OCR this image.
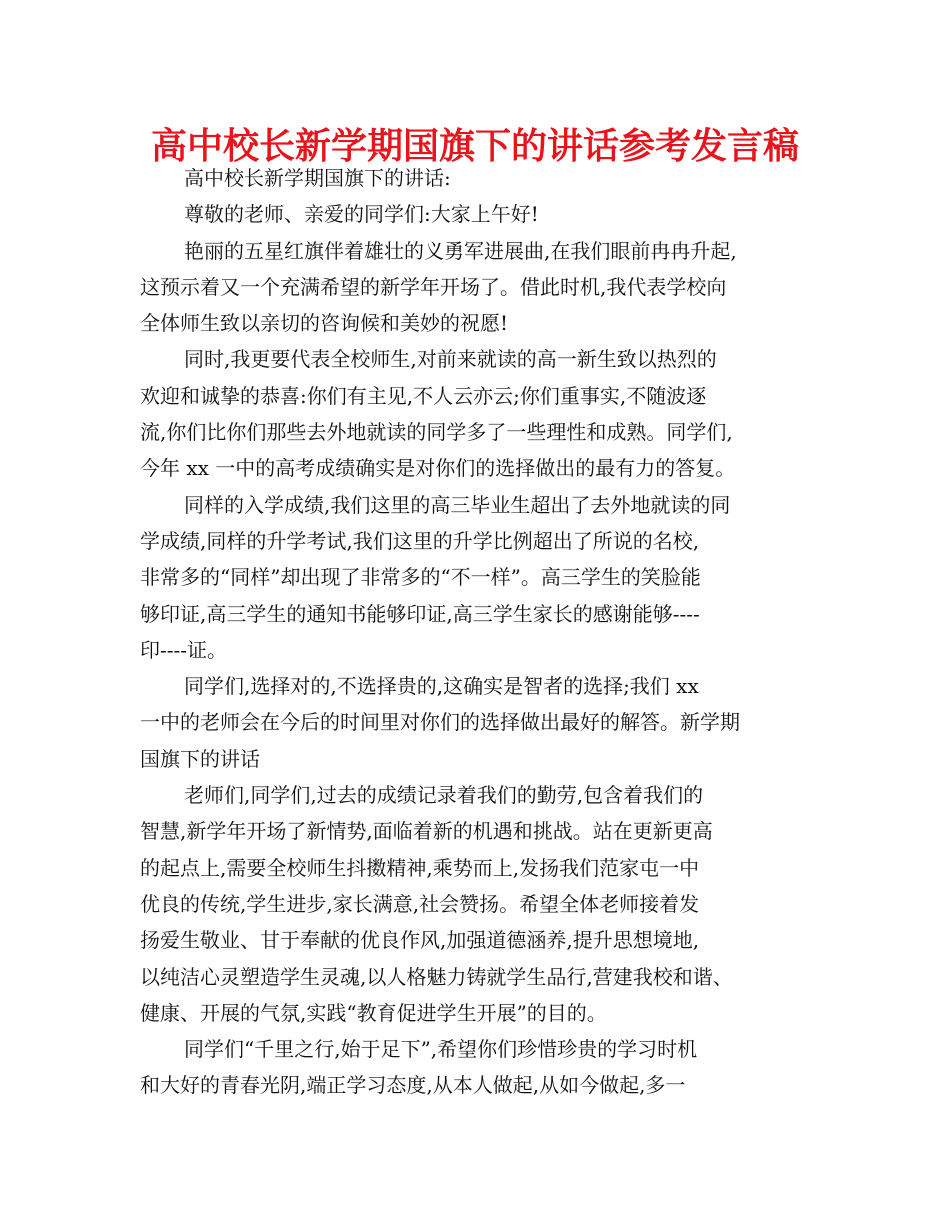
高中校长新学期国旗下的讲话参考发言稿
高中校长新学期国旗下的讲话:
尊敬的老师、亲爱的同学们:大家上午好!
艳丽的五星红旗伴着雄壮的义勇军进展曲,在我们眼前冉冉升起,
这预示着又一个充满希望的新学年开场了。借此时机,我代表学校向
全体师生致以亲切的咨询候和美妙的祝愿!
同时,我更要代表全校师生,对前来就读的高一新生致以热烈的
欢迎和诚挚的恭喜:你们有主见,不人云亦云;你们重事实,不随波逐
流,你们比你们那些去外地就读的同学多了一些理性和成熟。同学们,
今年 xx 一中的高考成绩确实是对你们的选择做出的最有力的答复。
同样的入学成绩,我们这里的高三毕业生超出了去外地就读的同
学成绩,同样的升学考试,我们这里的升学比例超出了所说的名校,
非常多的“同样”却出现了非常多的“不一样”。高三学生的笑脸能
够印证,高三学生的通知书能够印证,高三学生家长的感谢能够----
印----证。
同学们,选择对的,不选择贵的,这确实是智者的选择;我们 xx
一中的老师会在今后的时间里对你们的选择做出最好的解答。新学期
国旗下的讲话
老师们,同学们,过去的成绩记录着我们的勤劳,包含着我们的
智慧,新学年开场了新情势,面临着新的机遇和挑战。站在更新更高
的起点上,需要全校师生抖擞精神,乘势而上,发扬我们范家屯一中
优良的传统,学生进步,家长满意,社会赞扬。希望全体老师接着发
扬爱生敬业、甘于奉献的优良作风,加强道德涵养,提升思想境地,
以纯洁心灵塑造学生灵魂,以人格魅力铸就学生品行,营建我校和谐、
健康、开展的气氛,实践“教育促进学生开展”的目的。
同学们“千里之行,始于足下”,希望你们珍惜珍贵的学习时机
和大好的青春光阴,端正学习态度,从本人做起,从如今做起,多一
